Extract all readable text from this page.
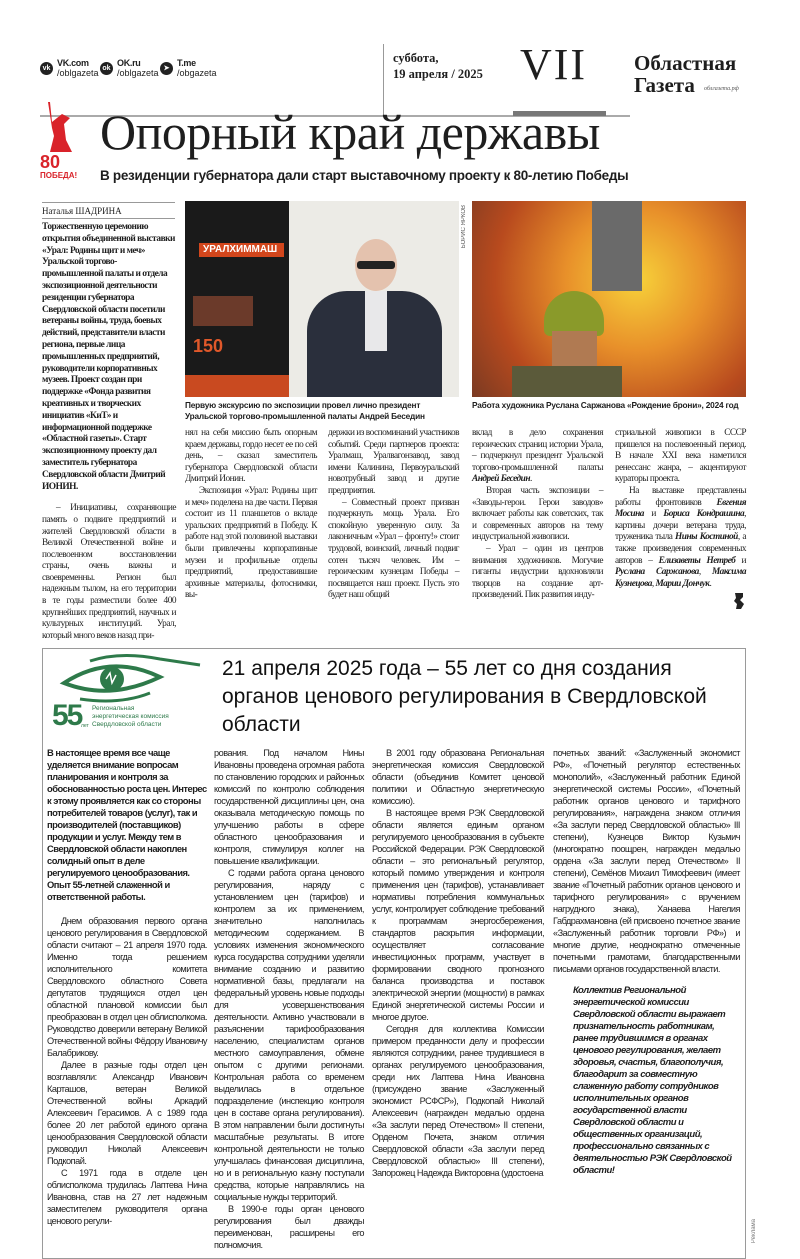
суббота,
19 апреля / 2025 VII Областная
Газета	облгазета.рф
80
ПОБЕДА!
Опорный край державы
В резиденции губернатора дали старт выставочному проекту к 80-летию Победы
Наталья ШАДРИНА
УРАЛХИММАШ
150
БОРИС ЯРКОВ
Первую экскурсию по экспозиции провел лично президент Уральской торгово-промышленной палаты Андрей Беседин
Работа художника Руслана Саржанова «Рождение брони», 2024 год
Торжественную церемонию открытия объединенной выставки «Урал: Родины щит и меч» Уральской торгово-промышленной палаты и отдела экспозиционной деятельности резиденции губернатора Свердловской области посетили ветераны войны, труда, боевых действий, представители власти региона, первые лица промышленных предприятий, руководители корпоративных музеев. Проект создан при поддержке «Фонда развития креативных и творческих инициатив «КиТ» и информационной поддержке «Областной газеты». Старт экспозиционному проекту дал заместитель губернатора Свердловской области Дмитрий ИОНИН.

– Инициативы, сохраняющие память о подвиге предприятий и жителей Свердловской области в Великой Отечественной войне и послевоенном восстановлении страны, очень важны и своевременны. Регион был надежным тылом, на его территории в те годы разместили более 400 крупнейших предприятий, научных и культурных институций. Урал, который много веков назад при-

нял на себя миссию быть опорным краем державы, гордо несет ее по сей день, – сказал заместитель губернатора Свердловской области Дмитрий Ионин.

Экспозиция «Урал: Родины щит и меч» поделена на две части. Первая состоит из 11 планшетов о вкладе уральских предприятий в Победу. К работе над этой половиной выставки были привлечены корпоративные музеи и профильные отделы предприятий, предоставившие архивные материалы, фотоснимки, вы-

держки из воспоминаний участников событий. Среди партнеров проекта: Уралмаш, Уралвагонзавод, завод имени Калинина, Первоуральский новотрубный завод и другие предприятия.

– Совместный проект призван подчеркнуть мощь Урала. Его спокойную уверенную силу. За лаконичным «Урал – фронту!» стоит трудовой, воинский, личный подвиг сотен тысяч человек. Им – героическим кузнецам Победы – посвящается наш проект. Пусть это будет наш общий

вклад в дело сохранения героических страниц истории Урала, – подчеркнул президент Уральской торгово-промышленной палаты Андрей Беседин.

Вторая часть экспозиции – «Заводы-герои. Герои заводов» включает работы как советских, так и современных авторов на тему индустриальной живописи.

– Урал – один из центров внимания художников. Могучие гиганты индустрии вдохновляли творцов на создание арт-произведений. Пик развития инду-

стриальной живописи в СССР пришелся на послевоенный период. В начале XXI века наметился ренессанс жанра, – акцентируют кураторы проекта.

На выставке представлены работы фронтовиков Евгения Мосина и Бориса Кондрашина, картины дочери ветерана труда, труженика тыла Нины Костиной, а также произведения современных авторов – Елизаветы Нетреб и Руслана Саржанова, Максима Кузнецова, Марии Дончук.

55 лет
Региональная
энергетическая комиссия
Свердловской области
21 апреля 2025 года – 55 лет со дня создания органов ценового регулирования в Свердловской области
В настоящее время все чаще уделяется внимание вопросам планирования и контроля за обоснованностью роста цен. Интерес к этому проявляется как со стороны потребителей товаров (услуг), так и производителей (поставщиков) продукции и услуг. Между тем в Свердловской области накоплен солидный опыт в деле регулируемого ценообразования. Опыт 55-летней слаженной и ответственной работы.

Днем образования первого органа ценового регулирования в Свердловской области считают – 21 апреля 1970 года. Именно тогда решением исполнительного комитета Свердловского областного Совета депутатов трудящихся отдел цен областной плановой комиссии был преобразован в отдел цен облисполкома. Руководство доверили ветерану Великой Отечественной войны Фёдору Ивановичу Балабрикову.

Далее в разные годы отдел цен возглавляли: Александр Иванович Карташов, ветеран Великой Отечественной войны Аркадий Алексеевич Герасимов. А с 1989 года более 20 лет работой единого органа ценообразования Свердловской области руководил Николай Алексеевич Подкопай.

С 1971 года в отделе цен облисполкома трудилась Лаптева Нина Ивановна, став на 27 лет надежным заместителем руководителя органа ценового регули-

рования. Под началом Нины Ивановны проведена огромная работа по становлению городских и районных комиссий по контролю соблюдения государственной дисциплины цен, она оказывала методическую помощь по улучшению работы в сфере областного ценообразования и контроля, стимулируя коллег на повышение квалификации.

С годами работа органа ценового регулирования, наряду с установлением цен (тарифов) и контролем за их применением, значительно наполнилась методическим содержанием. В условиях изменения экономического курса государства сотрудники уделяли внимание созданию и развитию нормативной базы, предлагали на федеральный уровень новые подходы для усовершенствования деятельности. Активно участвовали в разъяснении тарифообразования населению, специалистам органов местного самоуправления, обмене опытом с другими регионами. Контрольная работа со временем выделилась в отдельное подразделение (инспекцию контроля цен в составе органа регулирования). В этом направлении были достигнуты масштабные результаты. В итоге контрольной деятельности не только улучшалась финансовая дисциплина, но и в региональную казну поступали средства, которые направлялись на социальные нужды территорий.

В 1990-е годы орган ценового регулирования был дважды переименован, расширены его полномочия.

В 2001 году образована Региональная энергетическая комиссия Свердловской области (объединив Комитет ценовой политики и Областную энергетическую комиссию).

В настоящее время РЭК Свердловской области является единым органом регулируемого ценообразования в субъекте Российской Федерации. РЭК Свердловской области – это региональный регулятор, который помимо утверждения и контроля применения цен (тарифов), устанавливает нормативы потребления коммунальных услуг, контролирует соблюдение требований к программам энергосбережения, стандартов раскрытия информации, осуществляет согласование инвестиционных программ, участвует в формировании сводного прогнозного баланса производства и поставок электрической энергии (мощности) в рамках Единой энергетической системы России и многое другое.

Сегодня для коллектива Комиссии примером преданности делу и профессии являются сотрудники, ранее трудившиеся в органах регулируемого ценообразования, среди них Лаптева Нина Ивановна (присуждено звание «Заслуженный экономист РСФСР»), Подкопай Николай Алексеевич (награжден медалью ордена «За заслуги перед Отечеством» II степени, Орденом Почета, знаком отличия Свердловской области «За заслуги перед Свердловской областью» III степени), Запорожец Надежда Викторовна (удостоена

почетных званий: «Заслуженный экономист РФ», «Почетный регулятор естественных монополий», «Заслуженный работник Единой энергетической системы России», «Почетный работник органов ценового и тарифного регулирования», награждена знаком отличия «За заслуги перед Свердловской областью» III степени), Кузнецов Виктор Кузьмич (многократно поощрен, награжден медалью ордена «За заслуги перед Отечеством» II степени), Семёнов Михаил Тимофеевич (имеет звание «Почетный работник органов ценового и тарифного регулирования» с вручением нагрудного знака), Ханаева Нагелия Габдрахмановна (ей присвоено почетное звание «Заслуженный работник торговли РФ») и многие другие, неоднократно отмеченные почетными грамотами, благодарственными письмами органов государственной власти.

Коллектив Региональной энергетической комиссии Свердловской области выражает признательность работникам, ранее трудившимся в органах ценового регулирования, желает здоровья, счастья, благополучия, благодарит за совместную слаженную работу сотрудников исполнительных органов государственной власти Свердловской области и общественных организаций, профессионально связанных с деятельностью РЭК Свердловской области!
Реклама
vk VK.com
/oblgazeta ok OK.ru
/oblgazeta ➤
T.me
/obgazeta
